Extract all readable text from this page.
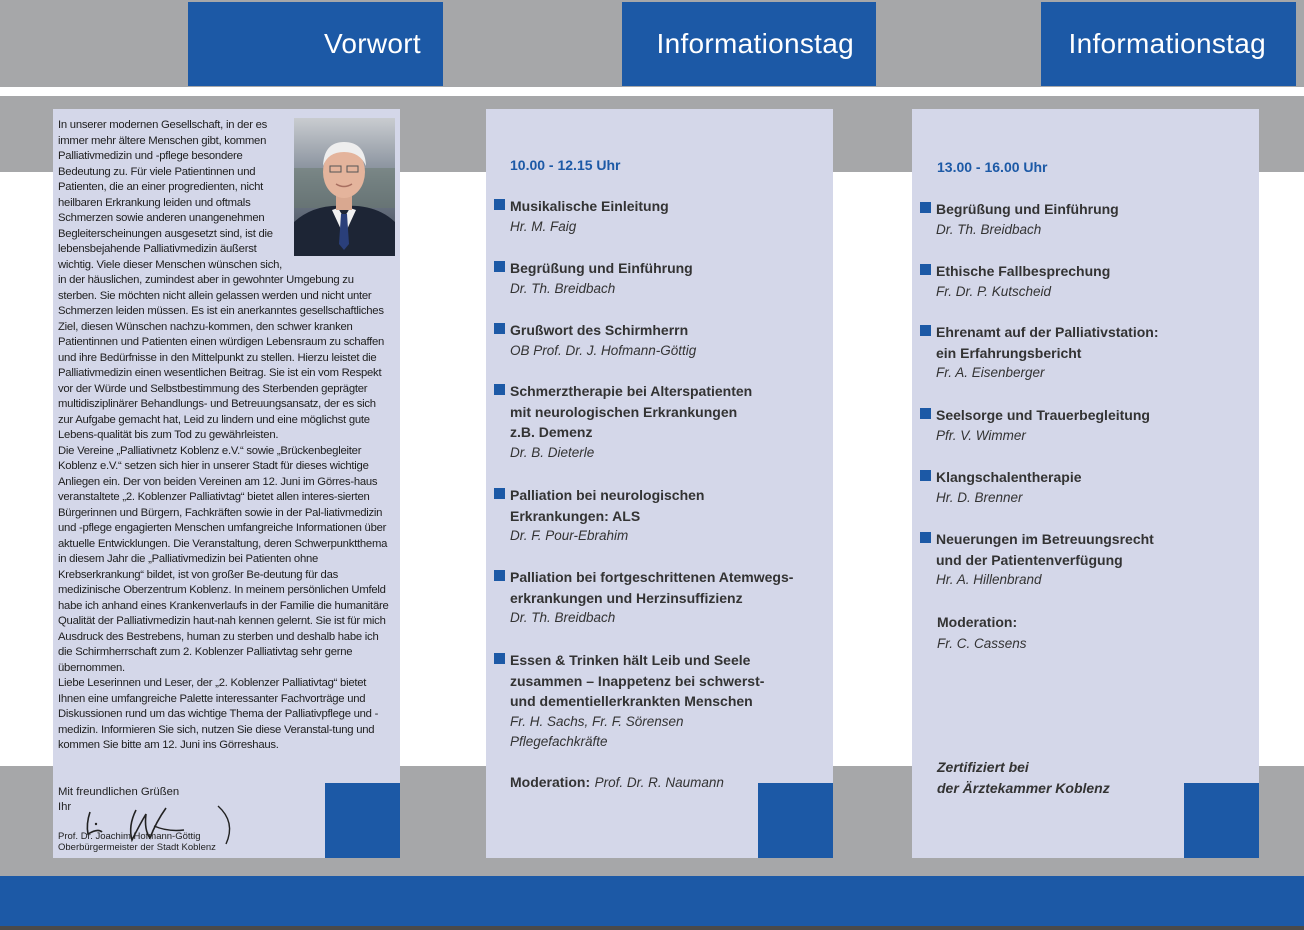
Vorwort	Informationstag	Informationstag

In unserer modernen Gesellschaft, in der es immer mehr ältere Menschen gibt, kommen Palliativmedizin und -pflege besondere Bedeutung zu. Für viele Patientinnen und Patienten, die an einer progredienten, nicht heilbaren Erkrankung leiden und oftmals Schmerzen sowie anderen unangenehmen Begleiterscheinungen ausgesetzt sind, ist die lebensbejahende Palliativmedizin äußerst wichtig. Viele dieser Menschen wünschen sich, in der häuslichen, zumindest aber in gewohnter Umgebung zu sterben. Sie möchten nicht allein gelassen werden und nicht unter Schmerzen leiden müssen. Es ist ein anerkanntes gesellschaftliches Ziel, diesen Wünschen nachzu-kommen, den schwer kranken Patientinnen und Patienten einen würdigen Lebensraum zu schaffen und ihre Bedürfnisse in den Mittelpunkt zu stellen. Hierzu leistet die Palliativmedizin einen wesentlichen Beitrag. Sie ist ein vom Respekt vor der Würde und Selbstbestimmung des Sterbenden geprägter multidisziplinärer Behandlungs- und Betreuungsansatz, der es sich zur Aufgabe gemacht hat, Leid zu lindern und eine möglichst gute Lebens-qualität bis zum Tod zu gewährleisten.

Die Vereine „Palliativnetz Koblenz e.V.“ sowie „Brückenbegleiter Koblenz e.V.“ setzen sich hier in unserer Stadt für dieses wichtige Anliegen ein. Der von beiden Vereinen am 12. Juni im Görres-haus veranstaltete „2. Koblenzer Palliativtag“ bietet allen interes-sierten Bürgerinnen und Bürgern, Fachkräften sowie in der Pal-liativmedizin und -pflege engagierten Menschen umfangreiche Informationen über aktuelle Entwicklungen. Die Veranstaltung, deren Schwerpunktthema in diesem Jahr die „Palliativmedizin bei Patienten ohne Krebserkrankung“ bildet, ist von großer Be-deutung für das medizinische Oberzentrum Koblenz. In meinem persönlichen Umfeld habe ich anhand eines Krankenverlaufs in der Familie die humanitäre Qualität der Palliativmedizin haut-nah kennen gelernt. Sie ist für mich Ausdruck des Bestrebens, human zu sterben und deshalb habe ich die Schirmherrschaft zum 2. Koblenzer Palliativtag sehr gerne übernommen.

Liebe Leserinnen und Leser, der „2. Koblenzer Palliativtag“ bietet Ihnen eine umfangreiche Palette interessanter Fachvorträge und Diskussionen rund um das wichtige Thema der Palliativpflege und -medizin. Informieren Sie sich, nutzen Sie diese Veranstal-tung und kommen Sie bitte am 12. Juni ins Görreshaus.

Mit freundlichen Grüßen
Ihr
Prof. Dr. Joachim Hofmann-Göttig
Oberbürgermeister der Stadt Koblenz
10.00 - 12.15 Uhr
Musikalische Einleitung
Hr. M. Faig
Begrüßung und Einführung
Dr. Th. Breidbach
Grußwort des Schirmherrn
OB Prof. Dr. J. Hofmann-Göttig
Schmerztherapie bei Alterspatienten
mit neurologischen Erkrankungen
z.B. Demenz
Dr. B. Dieterle
Palliation bei neurologischen
Erkrankungen: ALS
Dr. F. Pour-Ebrahim
Palliation bei fortgeschrittenen Atemwegs-
erkrankungen und Herzinsuffizienz
Dr. Th. Breidbach
Essen & Trinken hält Leib und Seele
zusammen – Inappetenz bei schwerst-
und dementiellerkrankten Menschen
Fr. H. Sachs, Fr. F. Sörensen
Pflegefachkräfte
Moderation: Prof. Dr. R. Naumann
13.00 - 16.00 Uhr
Begrüßung und Einführung
Dr. Th. Breidbach
Ethische Fallbesprechung
Fr. Dr. P. Kutscheid
Ehrenamt auf der Palliativstation:
ein Erfahrungsbericht
Fr. A. Eisenberger
Seelsorge und Trauerbegleitung
Pfr. V. Wimmer
Klangschalentherapie
Hr. D. Brenner
Neuerungen im Betreuungsrecht
und der Patientenverfügung
Hr. A. Hillenbrand
Moderation:
Fr. C. Cassens
Zertifiziert bei
der Ärztekammer Koblenz
